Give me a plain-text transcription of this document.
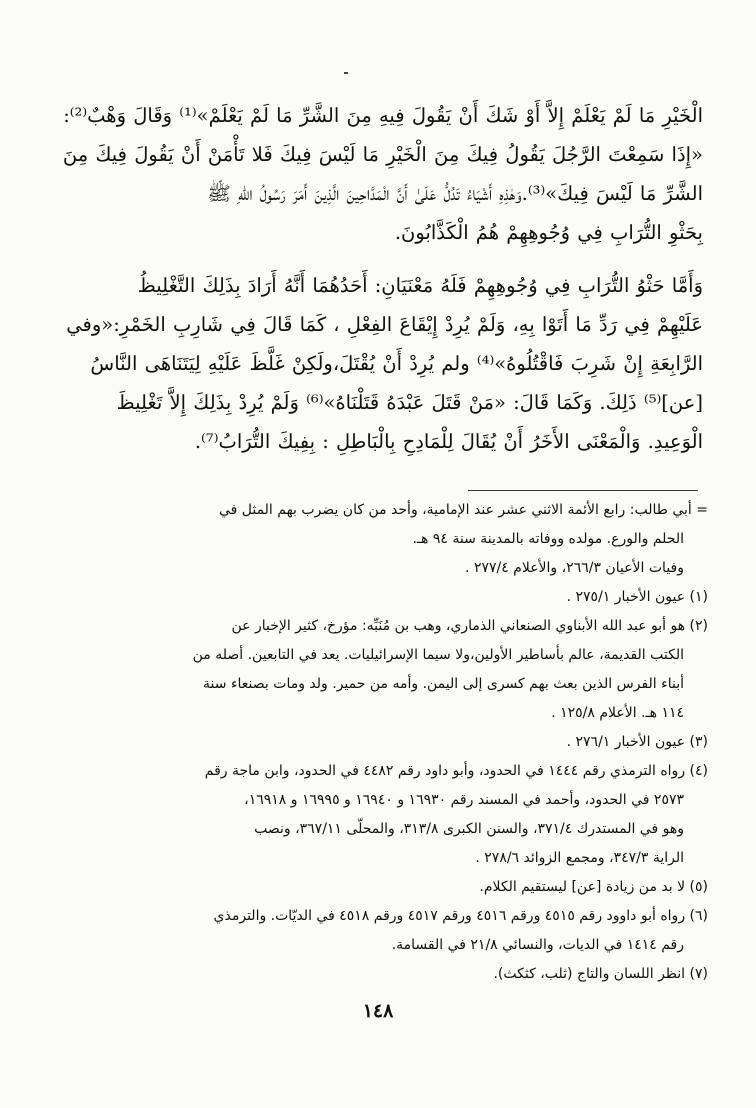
الْخَيْرِ مَا لَمْ يَعْلَمْ إِلاَّ أَوْ شَكَ أَنْ يَقُولَ فِيهِ مِنَ الشَّرِّ مَا لَمْ يَعْلَمْ»⁽¹⁾ وَقَالَ وَهْبٌ⁽²⁾:
«إِذَا سَمِعْتَ الرَّجُلَ يَقُولُ فِيكَ مِنَ الْخَيْرِ مَا لَيْسَ فِيكَ فَلا تَأْمَنْ أَنْ يَقُولَ فِيكَ مِنَ
الشَّرِّ مَا لَيْسَ فِيكَ»⁽³⁾.وَهٰذِهِ أَشْيَاءُ تَدُلُّ عَلَىٰ أَنَّ الْمَدَّاحِينَ الَّذِينَ أَمَرَ رَسُولُ اللهِ ﷺ
بِحَثْوِ التُّرَابِ فِي وُجُوهِهِمْ هُمُ الْكَذَّابُونَ.
وَأَمَّا حَثْوُ التُّرَابِ فِي وُجُوهِهِمْ فَلَهُ مَعْنَيَانِ: أَحَدُهُمَا أَنَّهُ أَرَادَ بِذَلِكَ التَّغْلِيظُ
عَلَيْهِمْ فِي رَدِّ مَا أَتَوْا بِهِ، وَلَمْ يُرِدْ إِيْقَاعَ الفِعْلِ ، كَمَا قَالَ فِي شَارِبِ الخَمْرِ:«وفي
الرَّابِعَةِ إِنْ شَرِبَ فَاقْتُلُوهُ»⁽⁴⁾ ولم يُرِدْ أَنْ يُقْتَلَ،ولَكِنْ غَلَّظَ عَلَيْهِ لِيَتَنَاهَى النَّاسُ
[عن]⁽⁵⁾ ذَلِكَ. وَكَمَا قَالَ: «مَنْ قَتَلَ عَبْدَهُ قَتَلْنَاهُ»⁽⁶⁾ وَلَمْ يُرِدْ بِذَلِكَ إِلاَّ تَغْلِيظَ
الْوَعِيدِ. وَالْمَعْنَى الأَخَرُ أَنْ يُقَالَ لِلْمَادِحِ بِالْبَاطِلِ : بِفِيكَ التُّرَابُ⁽⁷⁾.
= أبي طالب: رابع الأئمة الاثني عشر عند الإمامية، وأحد من كان يضرب بهم المثل في
الحلم والورع. مولده ووفاته بالمدينة سنة ٩٤ هـ.
وفيات الأعيان ٢٦٦/٣، والأعلام ٢٧٧/٤ .
(١) عيون الأخبار ٢٧٥/١ .
(٢) هو أبو عبد الله الأبناوي الصنعاني الذماري، وهب بن مُنَبِّه: مؤرخ، كثير الإخبار عن
الكتب القديمة، عالم بأساطير الأولين،ولا سيما الإسرائيليات. يعد في التابعين. أصله من
أبناء الفرس الذين بعث بهم كسرى إلى اليمن. وأمه من حمير. ولد ومات بصنعاء سنة
١١٤ هـ. الأعلام ١٢٥/٨ .
(٣) عيون الأخبار ٢٧٦/١ .
(٤) رواه الترمذي رقم ١٤٤٤ في الحدود، وأبو داود رقم ٤٤٨٢ في الحدود، وابن ماجة رقم
٢٥٧٣ في الحدود، وأحمد في المسند رقم ١٦٩٣٠ و ١٦٩٤٠ و ١٦٩٩٥ و ١٦٩١٨،
وهو في المستدرك ٣٧١/٤، والسنن الكبرى ٣١٣/٨، والمحلّى ٣٦٧/١١، ونصب
الراية ٣٤٧/٣، ومجمع الزوائد ٢٧٨/٦ .
(٥) لا بد من زيادة [عن] ليستقيم الكلام.
(٦) رواه أبو داوود رقم ٤٥١٥ ورقم ٤٥١٦ ورقم ٤٥١٧ ورقم ٤٥١٨ في الديّات. والترمذي
رقم ١٤١٤ في الديات، والنسائي ٢١/٨ في القسامة.
(٧) انظر اللسان والتاج (ثلب، كثكث).
١٤٨
